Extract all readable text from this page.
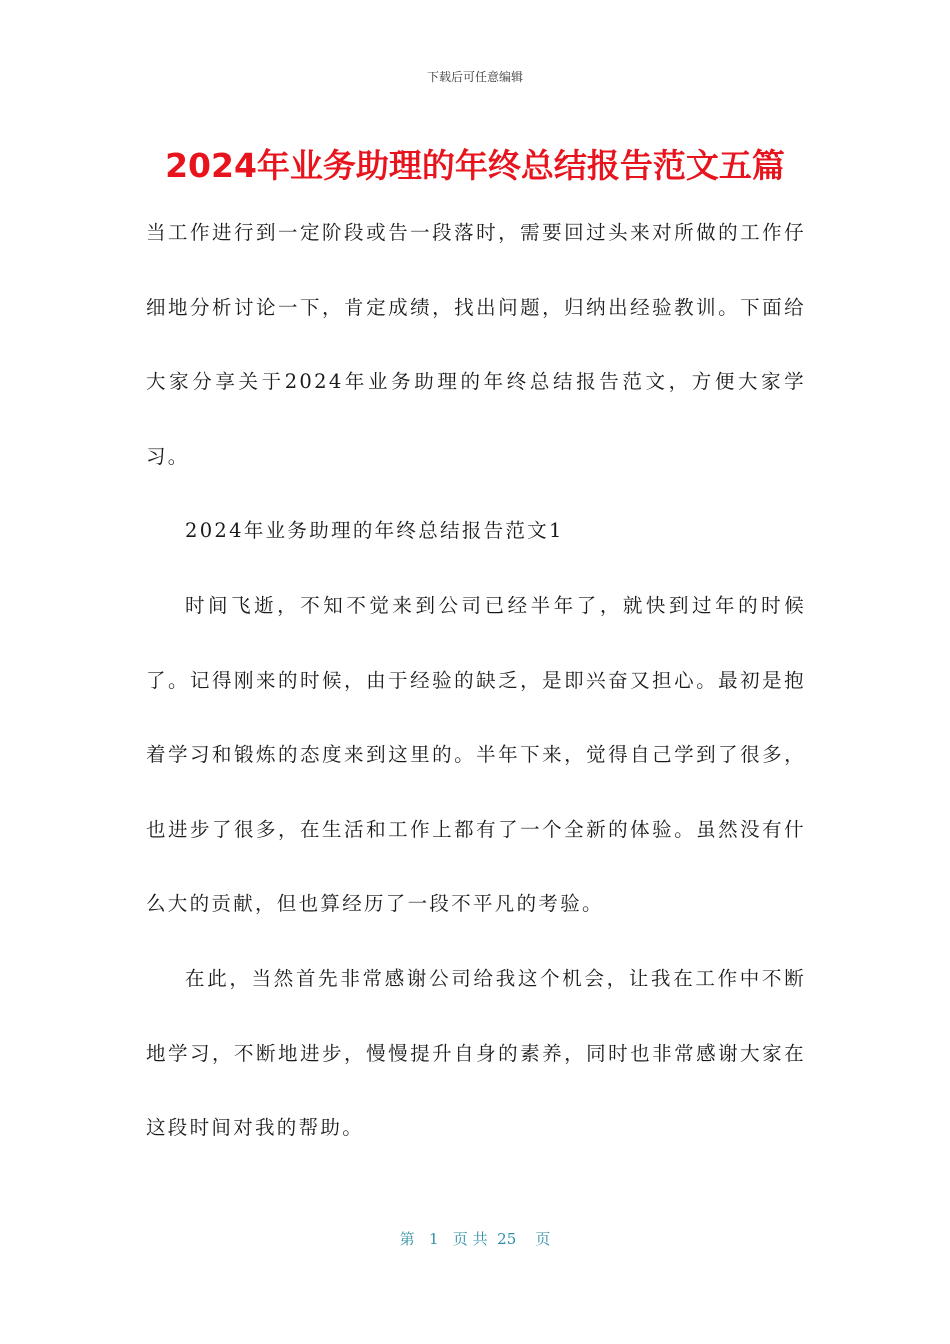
下载后可任意编辑
2024年业务助理的年终总结报告范文五篇

当工作进行到一定阶段或告一段落时，需要回过头来对所做的工作仔细地分析讨论一下，肯定成绩，找出问题，归纳出经验教训。下面给大家分享关于2024年业务助理的年终总结报告范文，方便大家学习。

2024年业务助理的年终总结报告范文1

时间飞逝，不知不觉来到公司已经半年了，就快到过年的时候了。记得刚来的时候，由于经验的缺乏，是即兴奋又担心。最初是抱着学习和锻炼的态度来到这里的。半年下来，觉得自己学到了很多，也进步了很多，在生活和工作上都有了一个全新的体验。虽然没有什么大的贡献，但也算经历了一段不平凡的考验。

在此，当然首先非常感谢公司给我这个机会，让我在工作中不断地学习，不断地进步，慢慢提升自身的素养，同时也非常感谢大家在这段时间对我的帮助。

第 1 页 共 25 页
